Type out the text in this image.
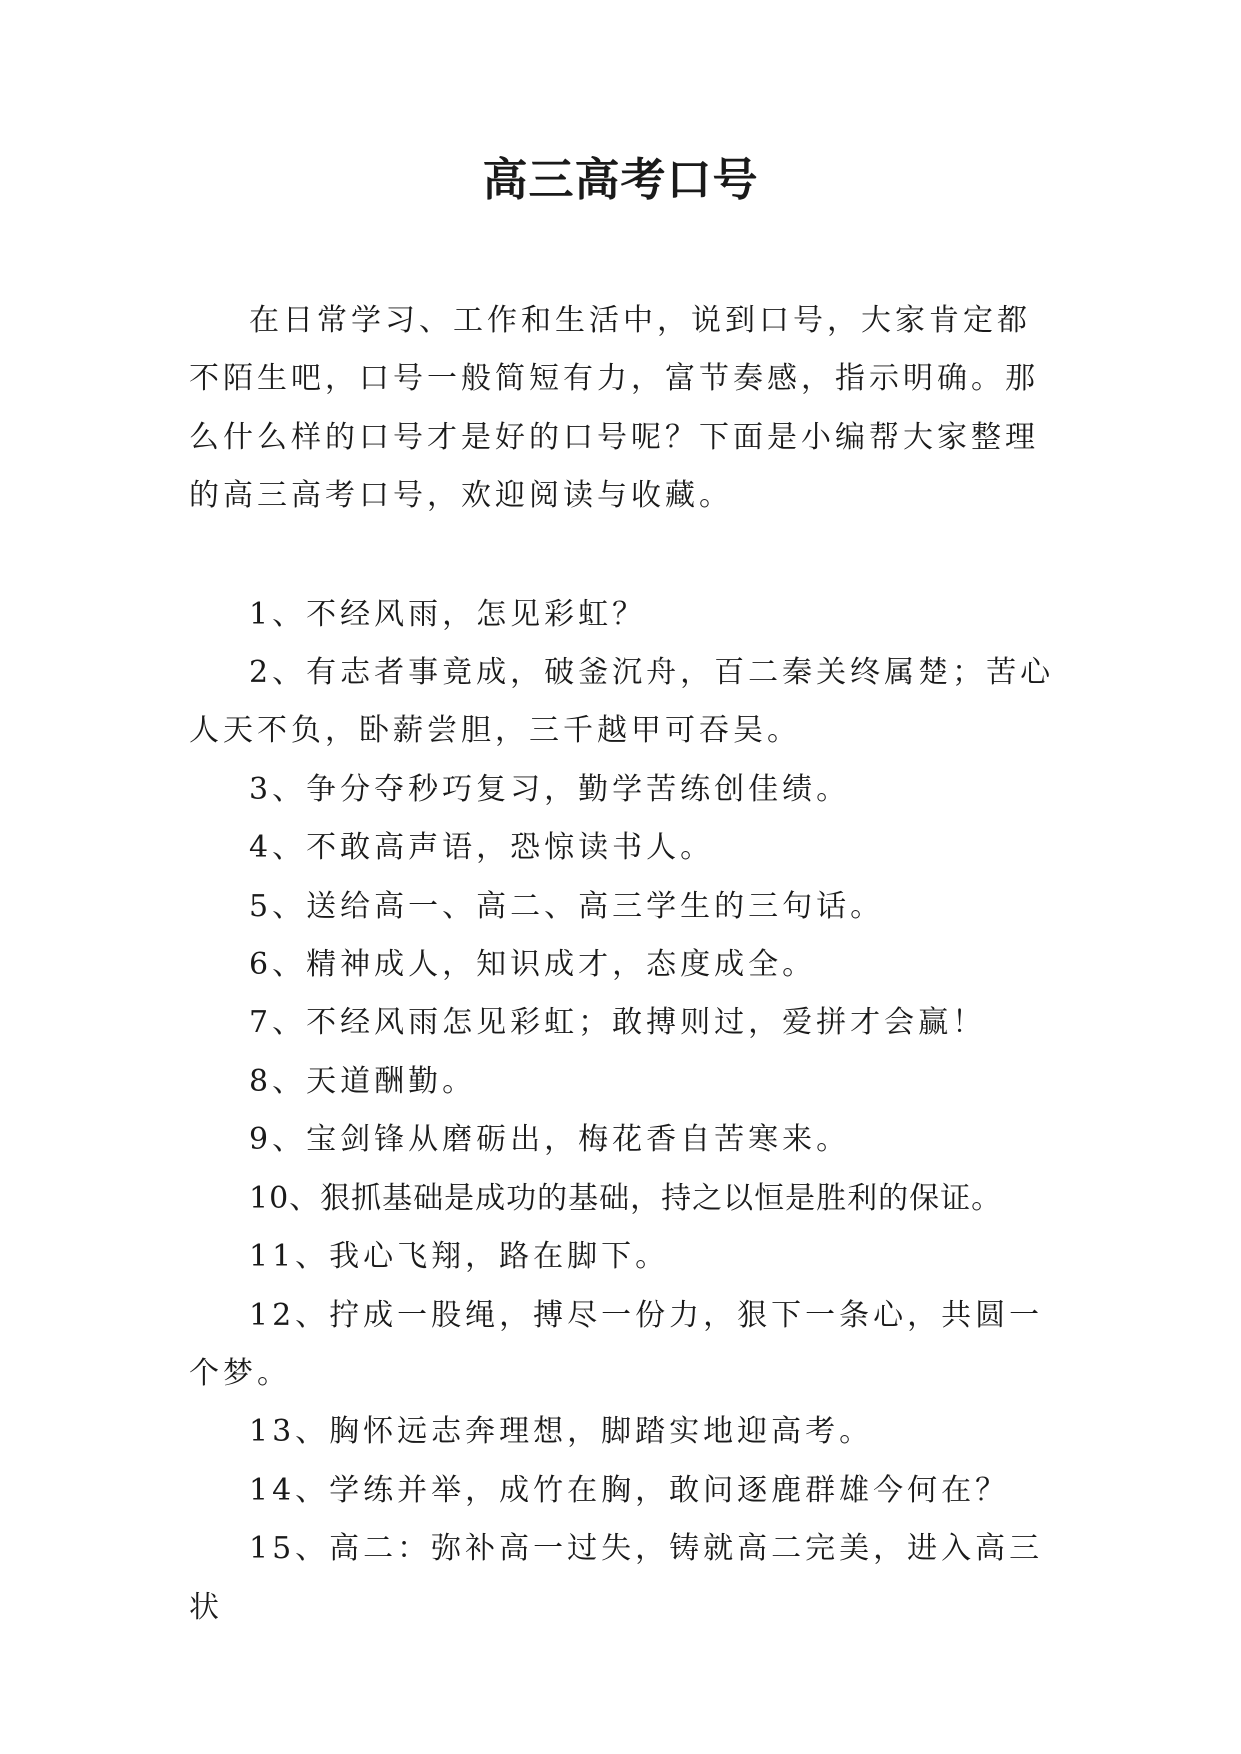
高三高考口号

在日常学习、工作和生活中，说到口号，大家肯定都不陌生吧，口号一般简短有力，富节奏感，指示明确。那么什么样的口号才是好的口号呢？下面是小编帮大家整理的高三高考口号，欢迎阅读与收藏。

1、不经风雨，怎见彩虹？

2、有志者事竟成，破釜沉舟，百二秦关终属楚；苦心人天不负，卧薪尝胆，三千越甲可吞吴。

3、争分夺秒巧复习，勤学苦练创佳绩。

4、不敢高声语，恐惊读书人。

5、送给高一、高二、高三学生的三句话。

6、精神成人，知识成才，态度成全。

7、不经风雨怎见彩虹；敢搏则过，爱拼才会赢！

8、天道酬勤。

9、宝剑锋从磨砺出，梅花香自苦寒来。

10、狠抓基础是成功的基础，持之以恒是胜利的保证。

11、我心飞翔，路在脚下。

12、拧成一股绳，搏尽一份力，狠下一条心，共圆一个梦。

13、胸怀远志奔理想，脚踏实地迎高考。

14、学练并举，成竹在胸，敢问逐鹿群雄今何在？

15、高二：弥补高一过失，铸就高二完美，进入高三状
